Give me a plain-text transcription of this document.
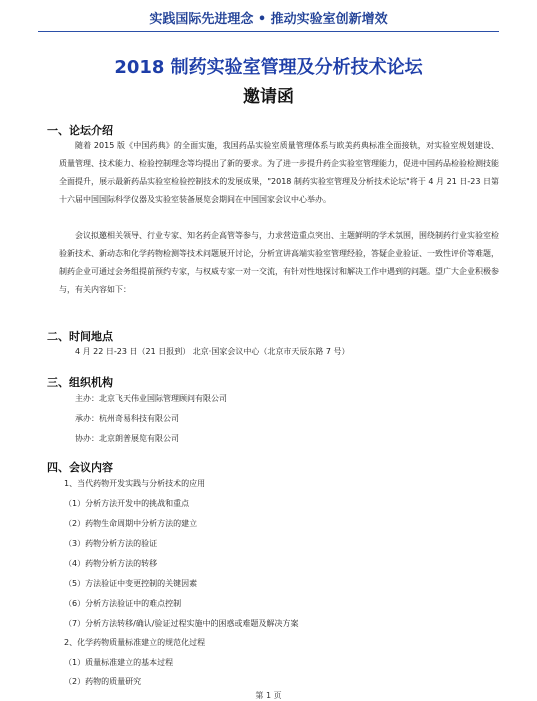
实践国际先进理念 • 推动实验室创新增效
2018 制药实验室管理及分析技术论坛
邀请函
一、论坛介绍
随着 2015 版《中国药典》的全面实施，我国药品实验室质量管理体系与欧美药典标准全面接轨，对实验室规划建设、质量管理、技术能力、检验控制理念等均提出了新的要求。为了进一步提升药企实验室管理能力，促进中国药品检验检测技能全面提升，展示最新药品实验室检验控制技术的发展成果，"2018 制药实验室管理及分析技术论坛"将于 4 月 21 日-23 日第十六届中国国际科学仪器及实验室装备展览会期间在中国国家会议中心举办。
会议拟邀相关领导、行业专家、知名药企高管等参与，力求营造重点突出、主题鲜明的学术氛围，围绕制药行业实验室检验新技术、新动态和化学药物检测等技术问题展开讨论，分析宣讲高端实验室管理经验，答疑企业验证、一致性评价等难题，制药企业可通过会务组提前预约专家，与权威专家一对一交流，有针对性地探讨和解决工作中遇到的问题。望广大企业积极参与，有关内容如下：
二、时间地点
4 月 22 日-23 日（21 日报到） 北京·国家会议中心（北京市天辰东路 7 号）
三、组织机构
主办：北京飞天伟业国际管理顾问有限公司
承办：杭州奇易科技有限公司
协办：北京朗普展览有限公司
四、会议内容
1、当代药物开发实践与分析技术的应用
（1）分析方法开发中的挑战和重点
（2）药物生命周期中分析方法的建立
（3）药物分析方法的验证
（4）药物分析方法的转移
（5）方法验证中变更控制的关键因素
（6）分析方法验证中的难点控制
（7）分析方法转移/确认/验证过程实施中的困惑或难题及解决方案
2、化学药物质量标准建立的规范化过程
（1）质量标准建立的基本过程
（2）药物的质量研究
第 1 页
